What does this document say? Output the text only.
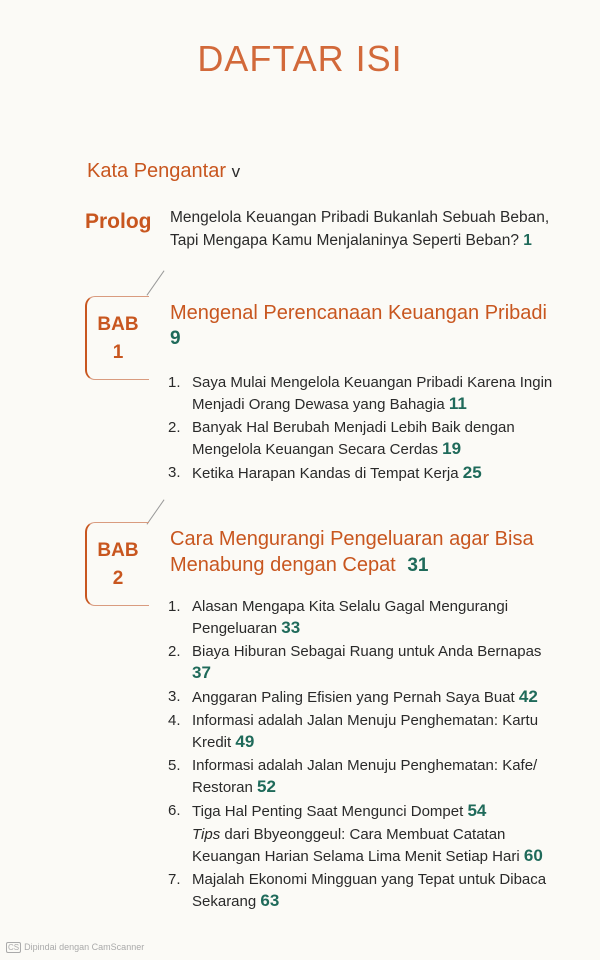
DAFTAR ISI
Kata Pengantar v
Prolog Mengelola Keuangan Pribadi Bukanlah Sebuah Beban,
Tapi Mengapa Kamu Menjalaninya Seperti Beban? 1
BAB
1
Mengenal Perencanaan Keuangan Pribadi
9
1. Saya Mulai Mengelola Keuangan Pribadi Karena Ingin Menjadi Orang Dewasa yang Bahagia 11
2. Banyak Hal Berubah Menjadi Lebih Baik dengan Mengelola Keuangan Secara Cerdas 19
3. Ketika Harapan Kandas di Tempat Kerja 25
BAB
2
Cara Mengurangi Pengeluaran agar Bisa Menabung dengan Cepat 31
1. Alasan Mengapa Kita Selalu Gagal Mengurangi Pengeluaran 33
2. Biaya Hiburan Sebagai Ruang untuk Anda Bernapas 37
3. Anggaran Paling Efisien yang Pernah Saya Buat 42
4. Informasi adalah Jalan Menuju Penghematan: Kartu Kredit 49
5. Informasi adalah Jalan Menuju Penghematan: Kafe/ Restoran 52
6. Tiga Hal Penting Saat Mengunci Dompet 54
Tips dari Bbyeonggeul: Cara Membuat Catatan Keuangan Harian Selama Lima Menit Setiap Hari 60
7. Majalah Ekonomi Mingguan yang Tepat untuk Dibaca Sekarang 63
CS Dipindai dengan CamScanner
